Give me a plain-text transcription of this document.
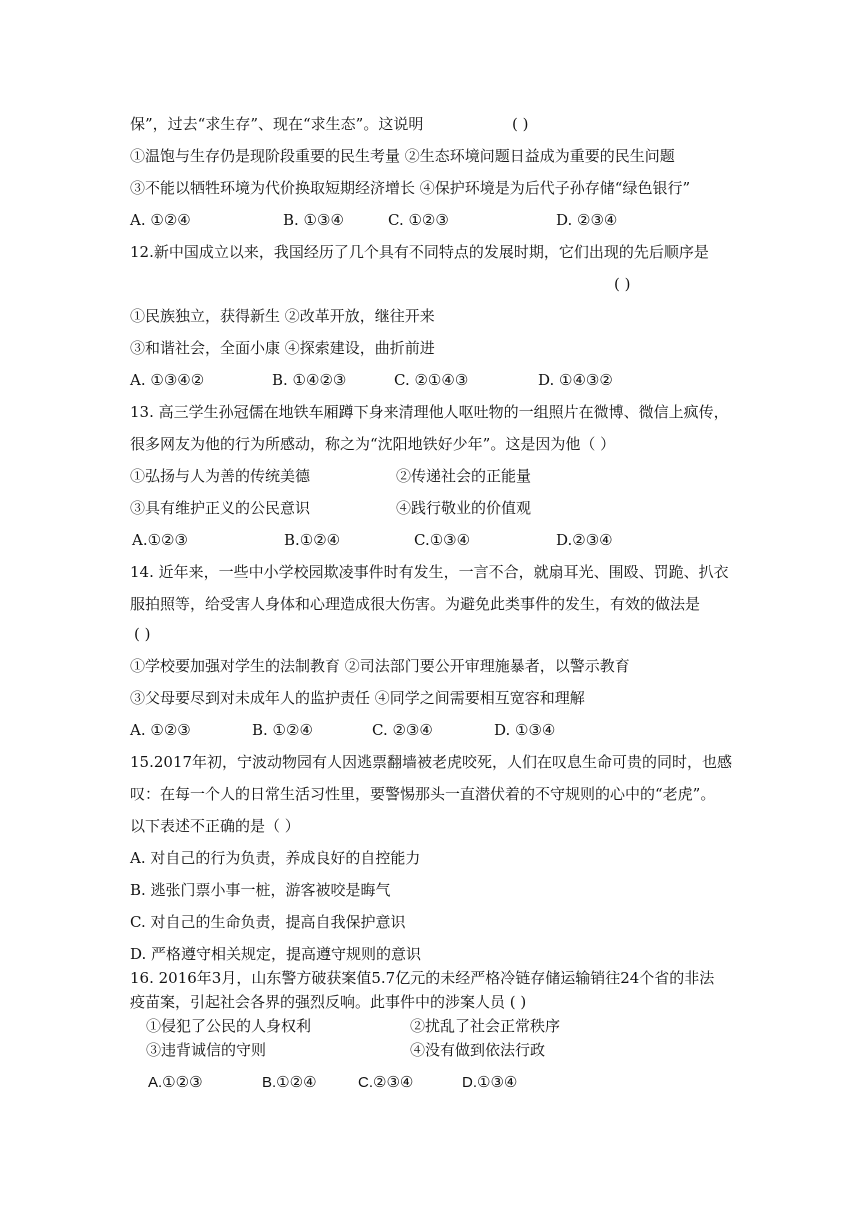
保”，过去“求生存”、现在“求生态”。这说明	( )
①温饱与生存仍是现阶段重要的民生考量 ②生态环境问题日益成为重要的民生问题
③不能以牺牲环境为代价换取短期经济增长 ④保护环境是为后代子孙存储“绿色银行”
A. ①②④	B. ①③④	C. ①②③	D. ②③④
12.新中国成立以来，我国经历了几个具有不同特点的发展时期，它们出现的先后顺序是
( )
①民族独立，获得新生 ②改革开放，继往开来
③和谐社会，全面小康 ④探索建设，曲折前进
A. ①③④②	B. ①④②③	C. ②①④③	D. ①④③②
13. 高三学生孙冠儒在地铁车厢蹲下身来清理他人呕吐物的一组照片在微博、微信上疯传，
很多网友为他的行为所感动，称之为“沈阳地铁好少年”。这是因为他（ ）
①弘扬与人为善的传统美德	②传递社会的正能量
③具有维护正义的公民意识	④践行敬业的价值观
A.①②③	B.①②④	C.①③④	D.②③④
14. 近年来，一些中小学校园欺凌事件时有发生，一言不合，就扇耳光、围殴、罚跪、扒衣
服拍照等，给受害人身体和心理造成很大伤害。为避免此类事件的发生，有效的做法是
( )
①学校要加强对学生的法制教育 ②司法部门要公开审理施暴者，以警示教育
③父母要尽到对未成年人的监护责任 ④同学之间需要相互宽容和理解
A. ①②③	B. ①②④	C. ②③④	D. ①③④
15.2017年初，宁波动物园有人因逃票翻墙被老虎咬死，人们在叹息生命可贵的同时，也感
叹：在每一个人的日常生活习性里，要警惕那头一直潜伏着的不守规则的心中的“老虎”。
以下表述不正确的是（ ）
A. 对自己的行为负责，养成良好的自控能力
B. 逃张门票小事一桩，游客被咬是晦气
C. 对自己的生命负责，提高自我保护意识
D. 严格遵守相关规定，提高遵守规则的意识
16. 2016年3月，山东警方破获案值5.7亿元的未经严格冷链存储运输销往24个省的非法
疫苗案，引起社会各界的强烈反响。此事件中的涉案人员 ( )
①侵犯了公民的人身权利	②扰乱了社会正常秩序
③违背诚信的守则	④没有做到依法行政
A.①②③	B.①②④	C.②③④	D.①③④
